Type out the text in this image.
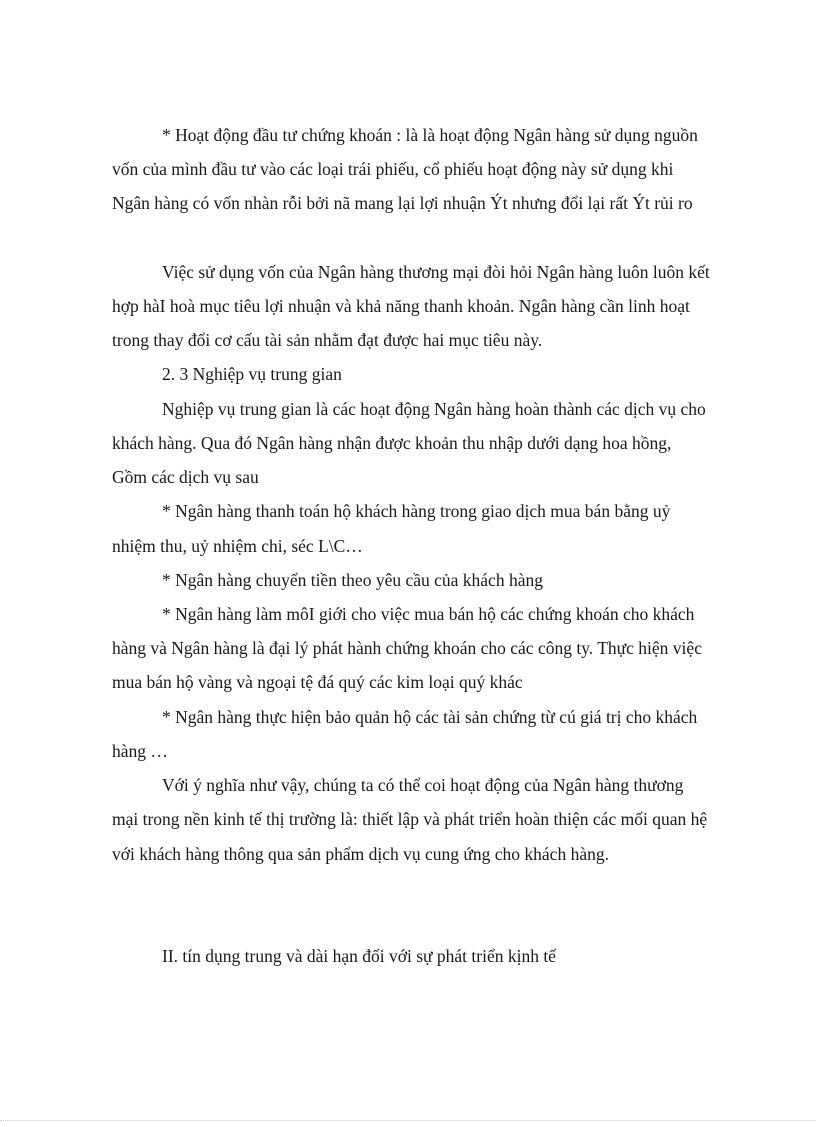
* Hoạt động đầu tư chứng khoán : là là hoạt động Ngân hàng sử dụng nguồn
vốn của mình đầu tư vào các loại trái phiếu, cổ phiếu hoạt động này sử dụng khi
Ngân hàng có vốn nhàn rỗi bởi nã mang lại lợi nhuận Ýt nhưng đổi lại rất Ýt rủi ro
Việc sử dụng vốn của Ngân hàng thương mại đòi hỏi Ngân hàng luôn luôn kết
hợp hàI hoà mục tiêu lợi nhuận và khả năng thanh khoản. Ngân hàng cần linh hoạt
trong thay đổi cơ cấu tài sản nhằm đạt được hai mục tiêu này.
2. 3 Nghiệp vụ trung gian
Nghiệp vụ trung gian là các hoạt động Ngân hàng hoàn thành các dịch vụ cho
khách hàng. Qua đó Ngân hàng nhận được khoản thu nhập dưới dạng hoa hồng,
Gồm các dịch vụ sau
* Ngân hàng thanh toán hộ khách hàng trong giao dịch mua bán bằng uỷ
nhiệm thu, uỷ nhiệm chi, séc L\C…
* Ngân hàng chuyển tiền theo yêu cầu của khách hàng
* Ngân hàng làm môI giới cho việc mua bán hộ các chứng khoán cho khách
hàng và Ngân hàng là đại lý phát hành chứng khoán cho các công ty. Thực hiện việc
mua bán hộ vàng và ngoại tệ đá quý các kim loại quý khác
* Ngân hàng thực hiện bảo quản hộ các tài sản chứng từ cú giá trị cho khách
hàng …
Với ý nghĩa như vậy, chúng ta có thể coi hoạt động của Ngân hàng thương
mại trong nền kinh tế thị trường là: thiết lập và phát triển hoàn thiện các mối quan hệ
với khách hàng thông qua sản phẩm dịch vụ cung ứng cho khách hàng.
II. tín dụng trung và dài hạn đối với sự phát triển kịnh tế
